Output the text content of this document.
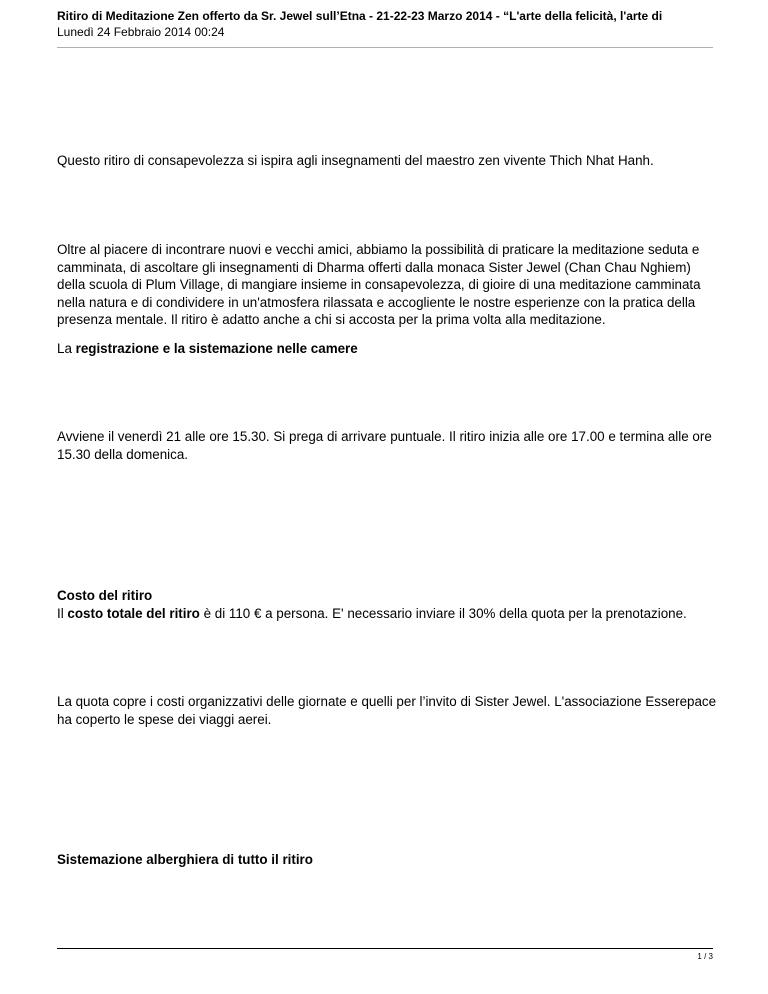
Ritiro di Meditazione Zen offerto da Sr. Jewel sull’Etna - 21-22-23 Marzo 2014 - “L'arte della felicità, l'arte di

Lunedì 24 Febbraio 2014 00:24

Questo ritiro di consapevolezza si ispira agli insegnamenti del maestro zen vivente Thich Nhat Hanh.

Oltre al piacere di incontrare nuovi e vecchi amici, abbiamo la possibilità di praticare la meditazione seduta e camminata, di ascoltare gli insegnamenti di Dharma offerti dalla monaca Sister Jewel (Chan Chau Nghiem) della scuola di Plum Village, di mangiare insieme in consapevolezza, di gioire di una meditazione camminata nella natura e di condividere in un'atmosfera rilassata e accogliente le nostre esperienze con la pratica della presenza mentale. Il ritiro è adatto anche a chi si accosta per la prima volta alla meditazione.

La registrazione e la sistemazione nelle camere

Avviene il venerdì 21 alle ore 15.30. Si prega di arrivare puntuale. Il ritiro inizia alle ore 17.00 e termina alle ore 15.30 della domenica.

Costo del ritiro
Il costo totale del ritiro è di 110 € a persona. E' necessario inviare il 30% della quota per la prenotazione.

La quota copre i costi organizzativi delle giornate e quelli per l’invito di Sister Jewel. L'associazione Esserepace ha coperto le spese dei viaggi aerei.

Sistemazione alberghiera di tutto il ritiro

1 / 3
